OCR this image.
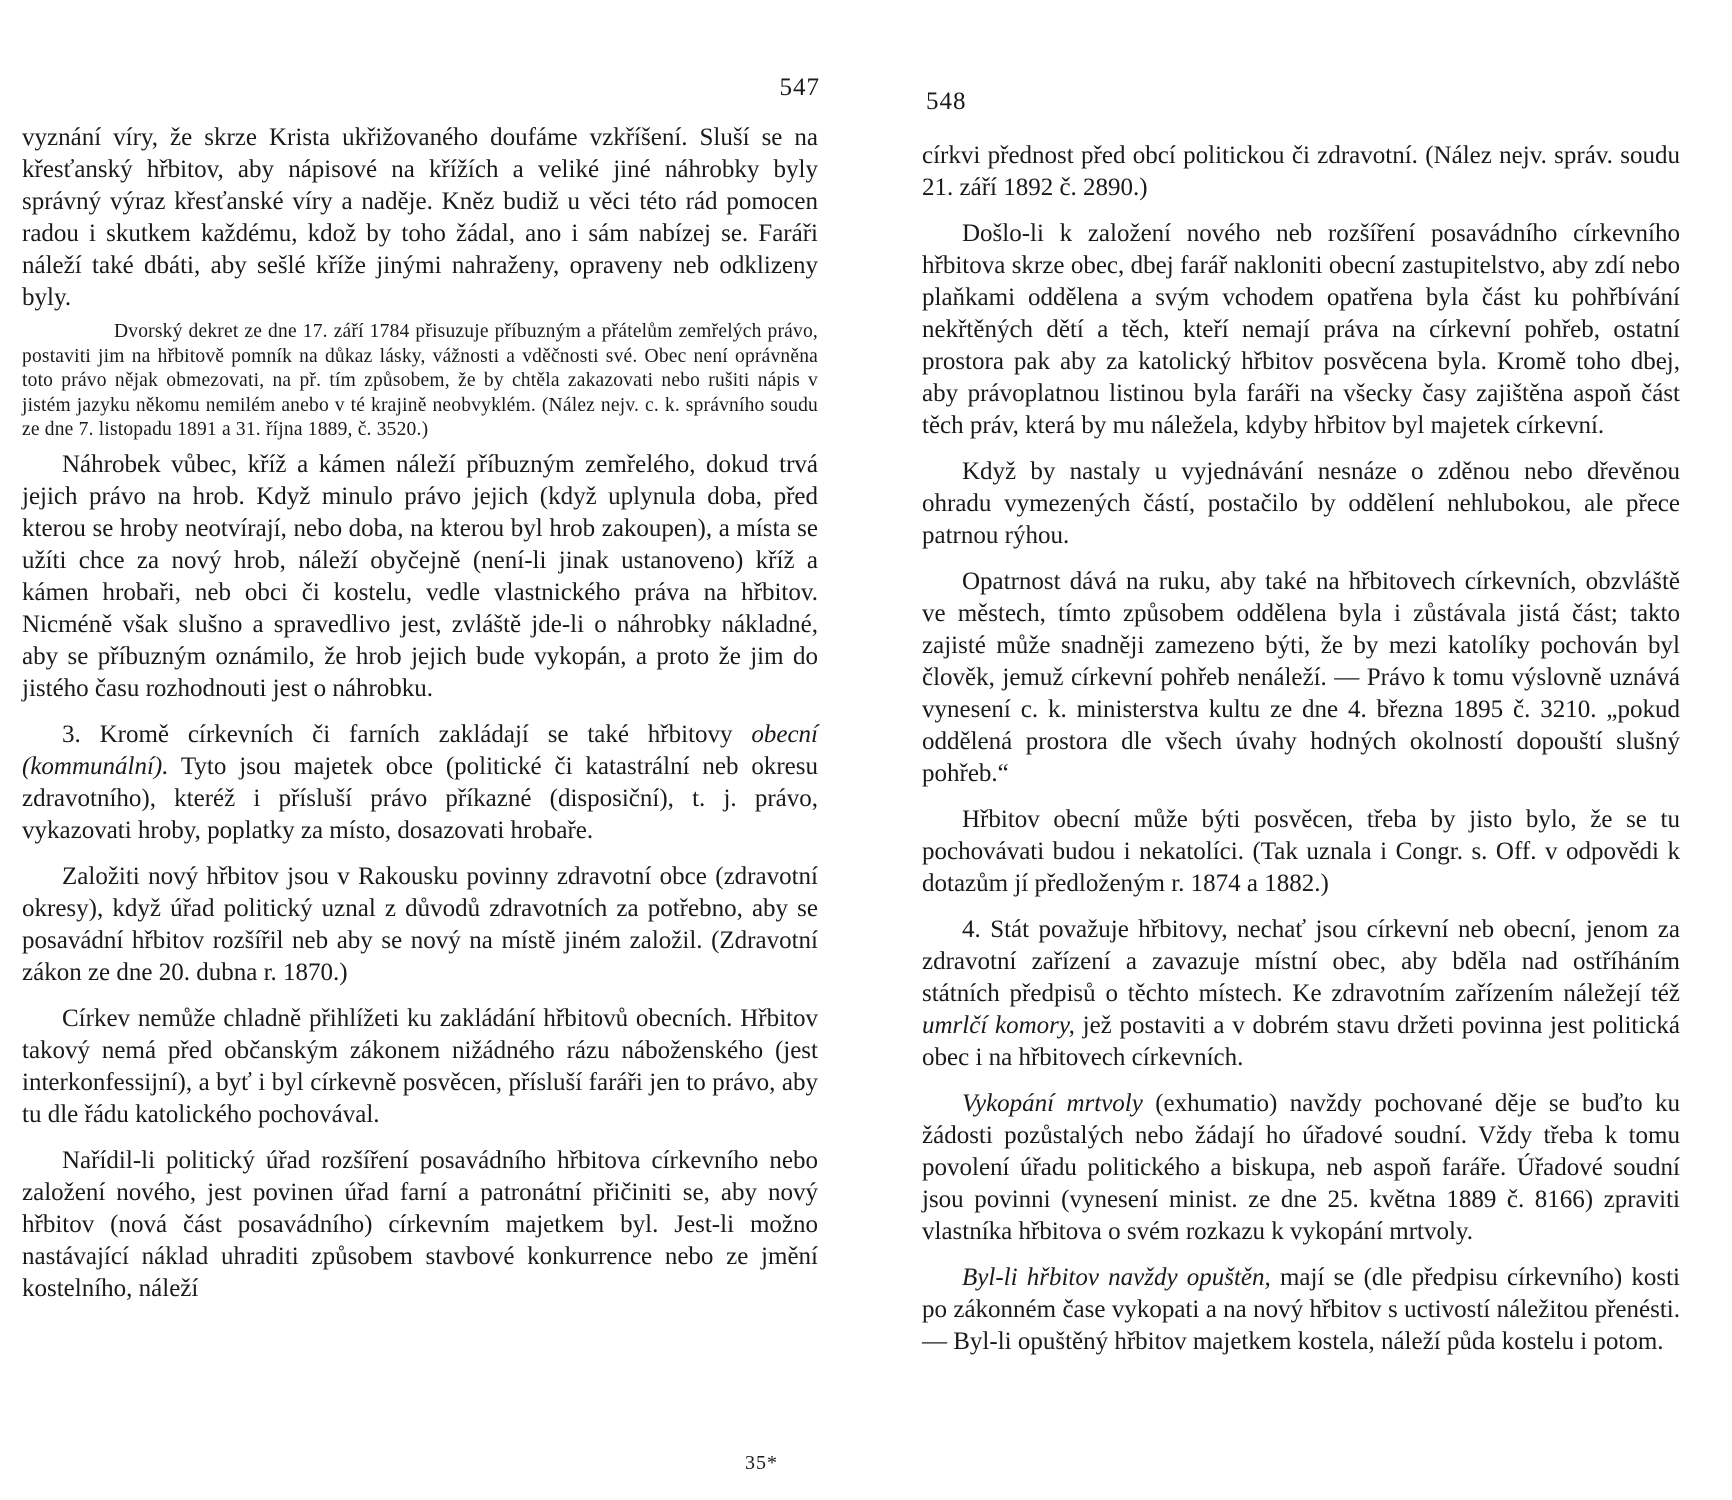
547

vyznání víry, že skrze Krista ukřižovaného doufáme vzkříšení. Sluší se na křesťanský hřbitov, aby nápisové na křížích a veliké jiné náhrobky byly správný výraz křesťanské víry a naděje. Kněz budiž u věci této rád pomocen radou i skutkem každému, kdož by toho žádal, ano i sám nabízej se. Faráři náleží také dbáti, aby sešlé kříže jinými nahraženy, opraveny neb odklizeny byly.

Dvorský dekret ze dne 17. září 1784 přisuzuje příbuzným a přátelům zemřelých právo, postaviti jim na hřbitově pomník na důkaz lásky, vážnosti a vděčnosti své. Obec není oprávněna toto právo nějak obmezovati, na př. tím způsobem, že by chtěla zakazovati nebo rušiti nápis v jistém jazyku někomu nemilém anebo v té krajině neobvyklém. (Nález nejv. c. k. správního soudu ze dne 7. listopadu 1891 a 31. října 1889, č. 3520.)

Náhrobek vůbec, kříž a kámen náleží příbuzným zemřelého, dokud trvá jejich právo na hrob. Když minulo právo jejich (když uplynula doba, před kterou se hroby neotvírají, nebo doba, na kterou byl hrob zakoupen), a místa se užíti chce za nový hrob, náleží obyčejně (není-li jinak ustanoveno) kříž a kámen hrobaři, neb obci či kostelu, vedle vlastnického práva na hřbitov. Nicméně však slušno a spravedlivo jest, zvláště jde-li o náhrobky nákladné, aby se příbuzným oznámilo, že hrob jejich bude vykopán, a proto že jim do jistého času rozhodnouti jest o náhrobku.

3. Kromě církevních či farních zakládají se také hřbitovy obecní (kommunální). Tyto jsou majetek obce (politické či katastrální neb okresu zdravotního), kteréž i přísluší právo příkazné (disposiční), t. j. právo, vykazovati hroby, poplatky za místo, dosazovati hrobaře.

Založiti nový hřbitov jsou v Rakousku povinny zdravotní obce (zdravotní okresy), když úřad politický uznal z důvodů zdravotních za potřebno, aby se posavádní hřbitov rozšířil neb aby se nový na místě jiném založil. (Zdravotní zákon ze dne 20. dubna r. 1870.)

Církev nemůže chladně přihlížeti ku zakládání hřbitovů obecních. Hřbitov takový nemá před občanským zákonem nižádného rázu náboženského (jest interkonfessijní), a byť i byl církevně posvěcen, přísluší faráři jen to právo, aby tu dle řádu katolického pochovával.

Nařídil-li politický úřad rozšíření posavádního hřbitova církevního nebo založení nového, jest povinen úřad farní a patronátní přičiniti se, aby nový hřbitov (nová část posavádního) církevním majetkem byl. Jest-li možno nastávající náklad uhraditi způsobem stavbové konkurrence nebo ze jmění kostelního, náleží

35*
548

církvi přednost před obcí politickou či zdravotní. (Nález nejv. správ. soudu 21. září 1892 č. 2890.)

Došlo-li k založení nového neb rozšíření posavádního církevního hřbitova skrze obec, dbej farář nakloniti obecní zastupitelstvo, aby zdí nebo plaňkami oddělena a svým vchodem opatřena byla část ku pohřbívání nekřtěných dětí a těch, kteří nemají práva na církevní pohřeb, ostatní prostora pak aby za katolický hřbitov posvěcena byla. Kromě toho dbej, aby právoplatnou listinou byla faráři na všecky časy zajištěna aspoň část těch práv, která by mu náležela, kdyby hřbitov byl majetek církevní.

Když by nastaly u vyjednávání nesnáze o zděnou nebo dřevěnou ohradu vymezených částí, postačilo by oddělení nehlubokou, ale přece patrnou rýhou.

Opatrnost dává na ruku, aby také na hřbitovech církevních, obzvláště ve městech, tímto způsobem oddělena byla i zůstávala jistá část; takto zajisté může snadněji zamezeno býti, že by mezi katolíky pochován byl člověk, jemuž církevní pohřeb nenáleží. — Právo k tomu výslovně uznává vynesení c. k. ministerstva kultu ze dne 4. března 1895 č. 3210. „pokud oddělená prostora dle všech úvahy hodných okolností dopouští slušný pohřeb.“

Hřbitov obecní může býti posvěcen, třeba by jisto bylo, že se tu pochovávati budou i nekatolíci. (Tak uznala i Congr. s. Off. v odpovědi k dotazům jí předloženým r. 1874 a 1882.)

4. Stát považuje hřbitovy, nechať jsou církevní neb obecní, jenom za zdravotní zařízení a zavazuje místní obec, aby bděla nad ostříháním státních předpisů o těchto místech. Ke zdravotním zařízením náležejí též umrlčí komory, jež postaviti a v dobrém stavu držeti povinna jest politická obec i na hřbitovech církevních.

Vykopání mrtvoly (exhumatio) navždy pochované děje se buďto ku žádosti pozůstalých nebo žádají ho úřadové soudní. Vždy třeba k tomu povolení úřadu politického a biskupa, neb aspoň faráře. Úřadové soudní jsou povinni (vynesení minist. ze dne 25. května 1889 č. 8166) zpraviti vlastníka hřbitova o svém rozkazu k vykopání mrtvoly.

Byl-li hřbitov navždy opuštěn, mají se (dle předpisu církevního) kosti po zákonném čase vykopati a na nový hřbitov s uctivostí náležitou přenésti. — Byl-li opuštěný hřbitov majetkem kostela, náleží půda kostelu i potom.
